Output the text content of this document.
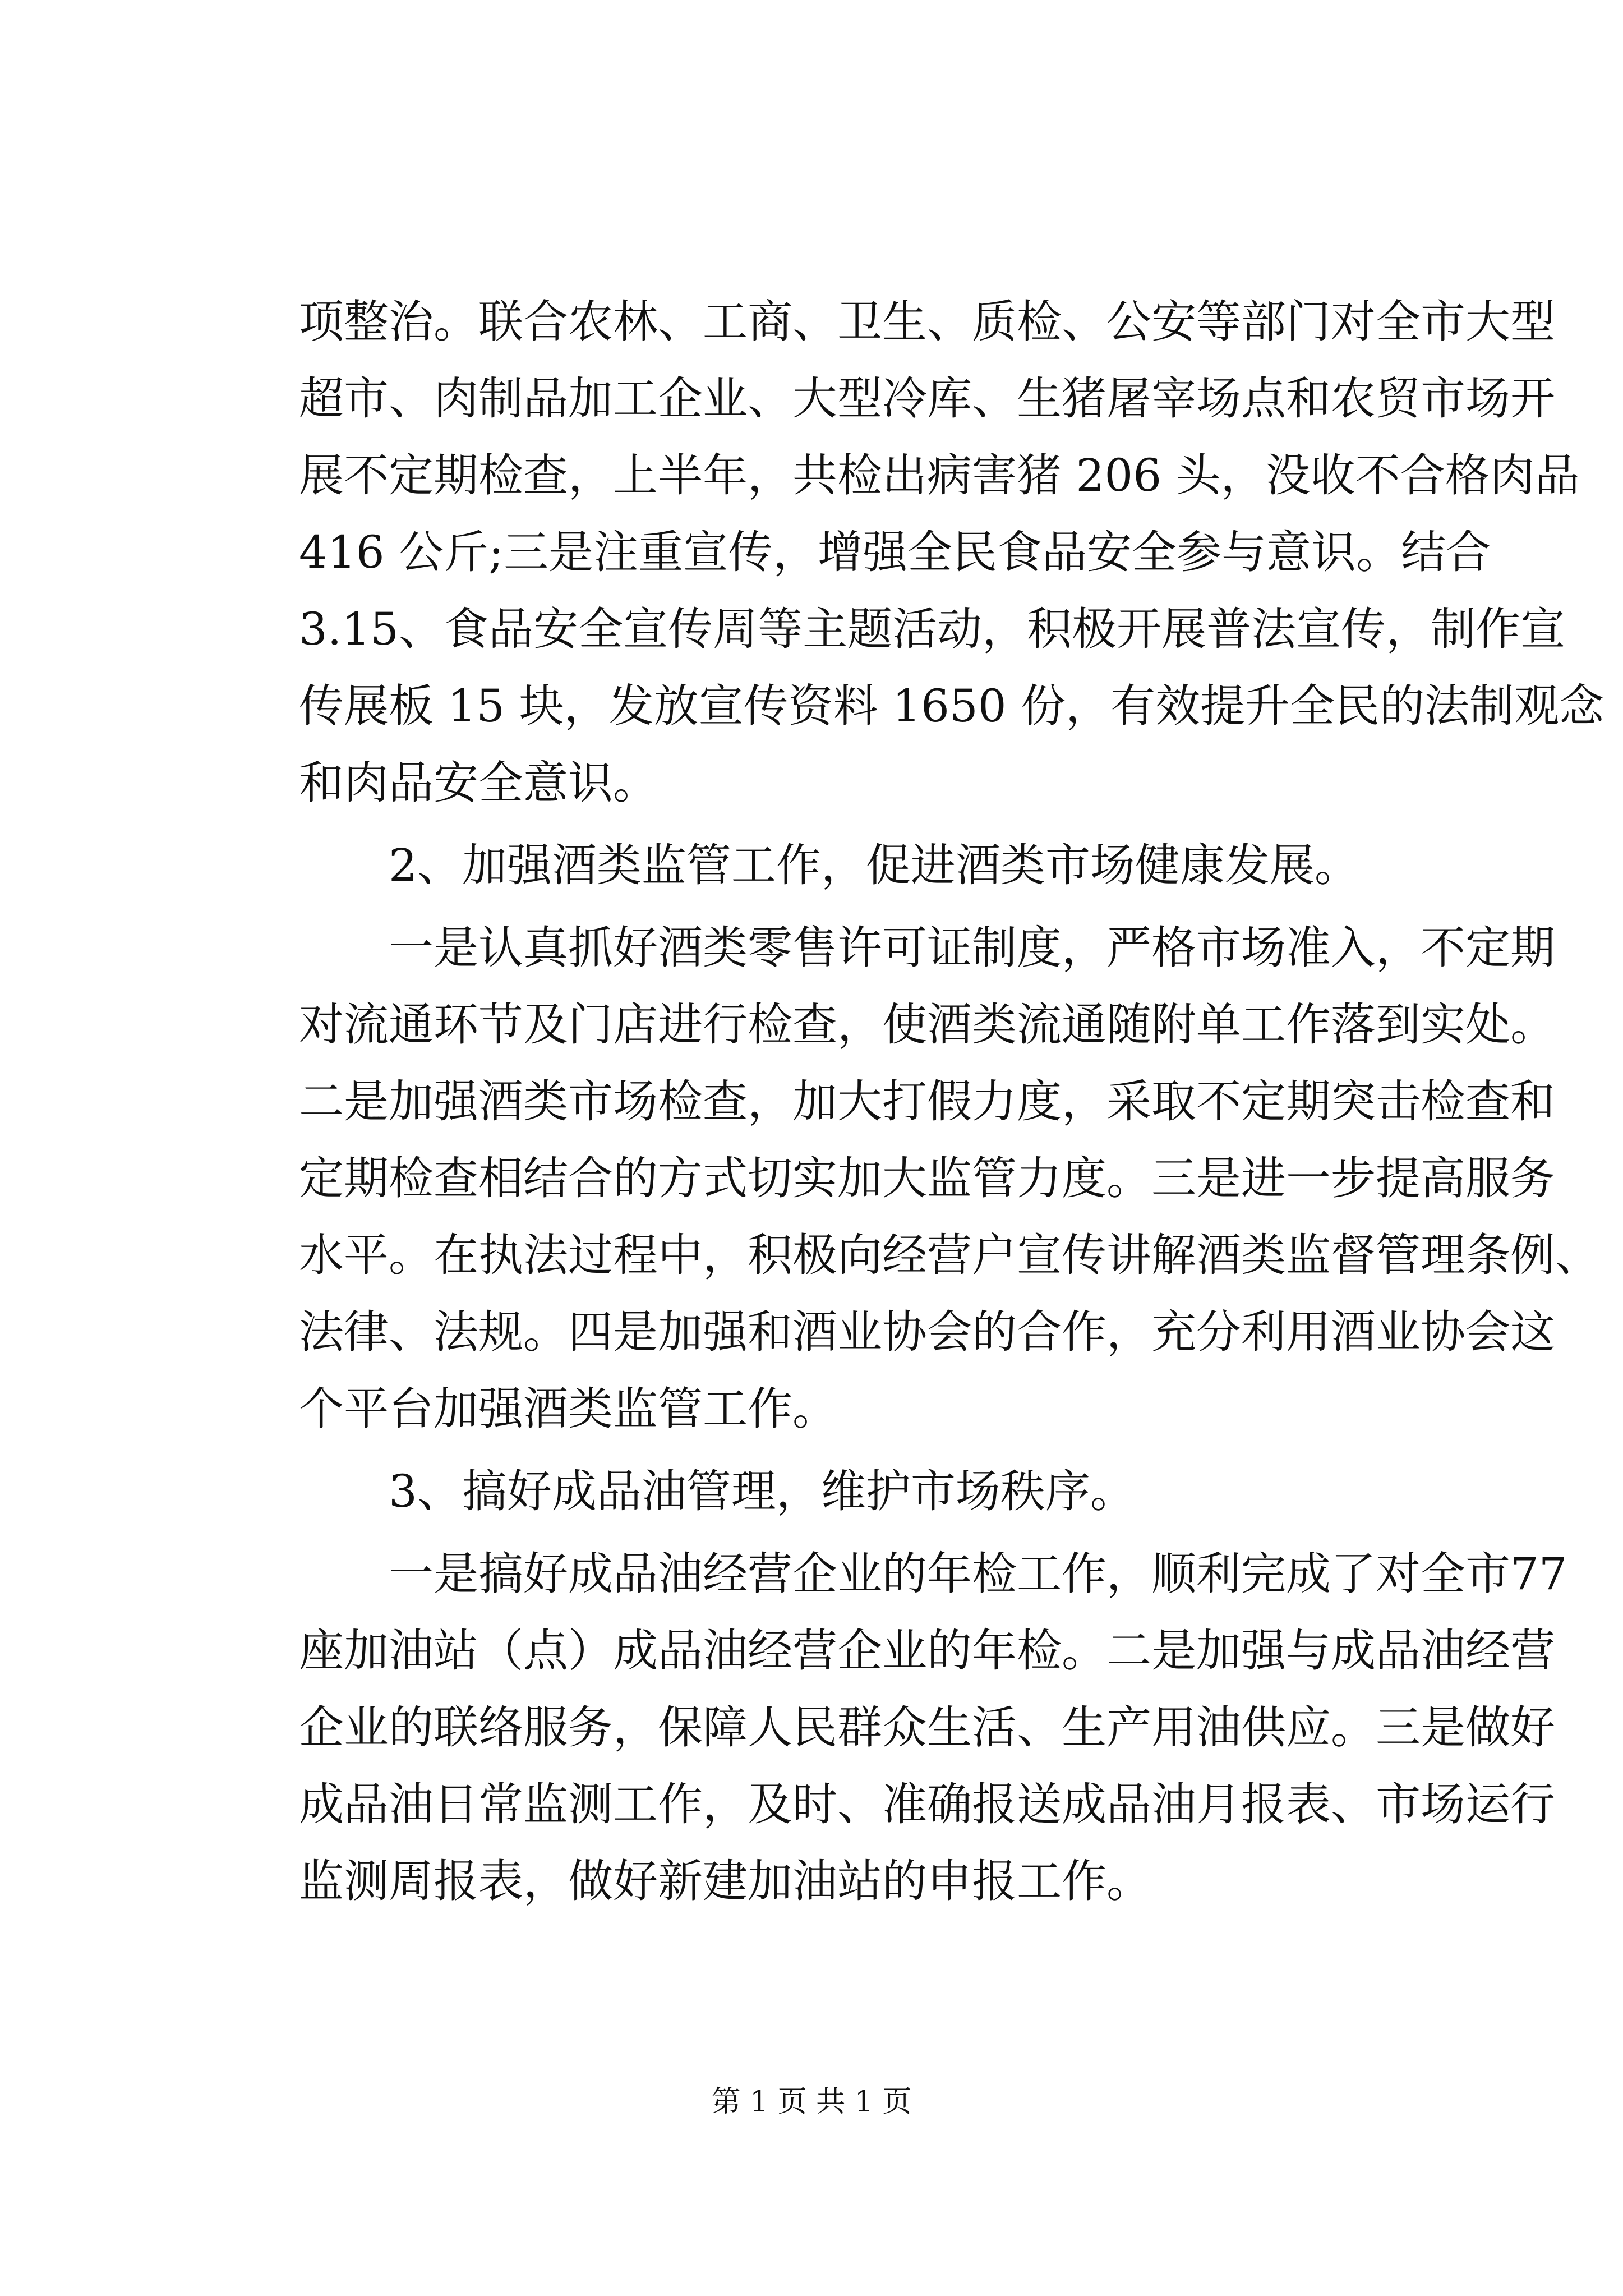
项整治。联合农林、工商、卫生、质检、公安等部门对全市大型
超市、肉制品加工企业、大型冷库、生猪屠宰场点和农贸市场开
展不定期检查，上半年，共检出病害猪 206 头，没收不合格肉品
416 公斤;三是注重宣传，增强全民食品安全参与意识。结合
3.15、食品安全宣传周等主题活动，积极开展普法宣传，制作宣
传展板 15 块，发放宣传资料 1650 份，有效提升全民的法制观念
和肉品安全意识。
　　2、加强酒类监管工作，促进酒类市场健康发展。
　　一是认真抓好酒类零售许可证制度，严格市场准入，不定期
对流通环节及门店进行检查，使酒类流通随附单工作落到实处。
二是加强酒类市场检查，加大打假力度，采取不定期突击检查和
定期检查相结合的方式切实加大监管力度。三是进一步提高服务
水平。在执法过程中，积极向经营户宣传讲解酒类监督管理条例、
法律、法规。四是加强和酒业协会的合作，充分利用酒业协会这
个平台加强酒类监管工作。
　　3、搞好成品油管理，维护市场秩序。
　　一是搞好成品油经营企业的年检工作，顺利完成了对全市77
座加油站（点）成品油经营企业的年检。二是加强与成品油经营
企业的联络服务，保障人民群众生活、生产用油供应。三是做好
成品油日常监测工作，及时、准确报送成品油月报表、市场运行
监测周报表，做好新建加油站的申报工作。
第 1 页 共 1 页
